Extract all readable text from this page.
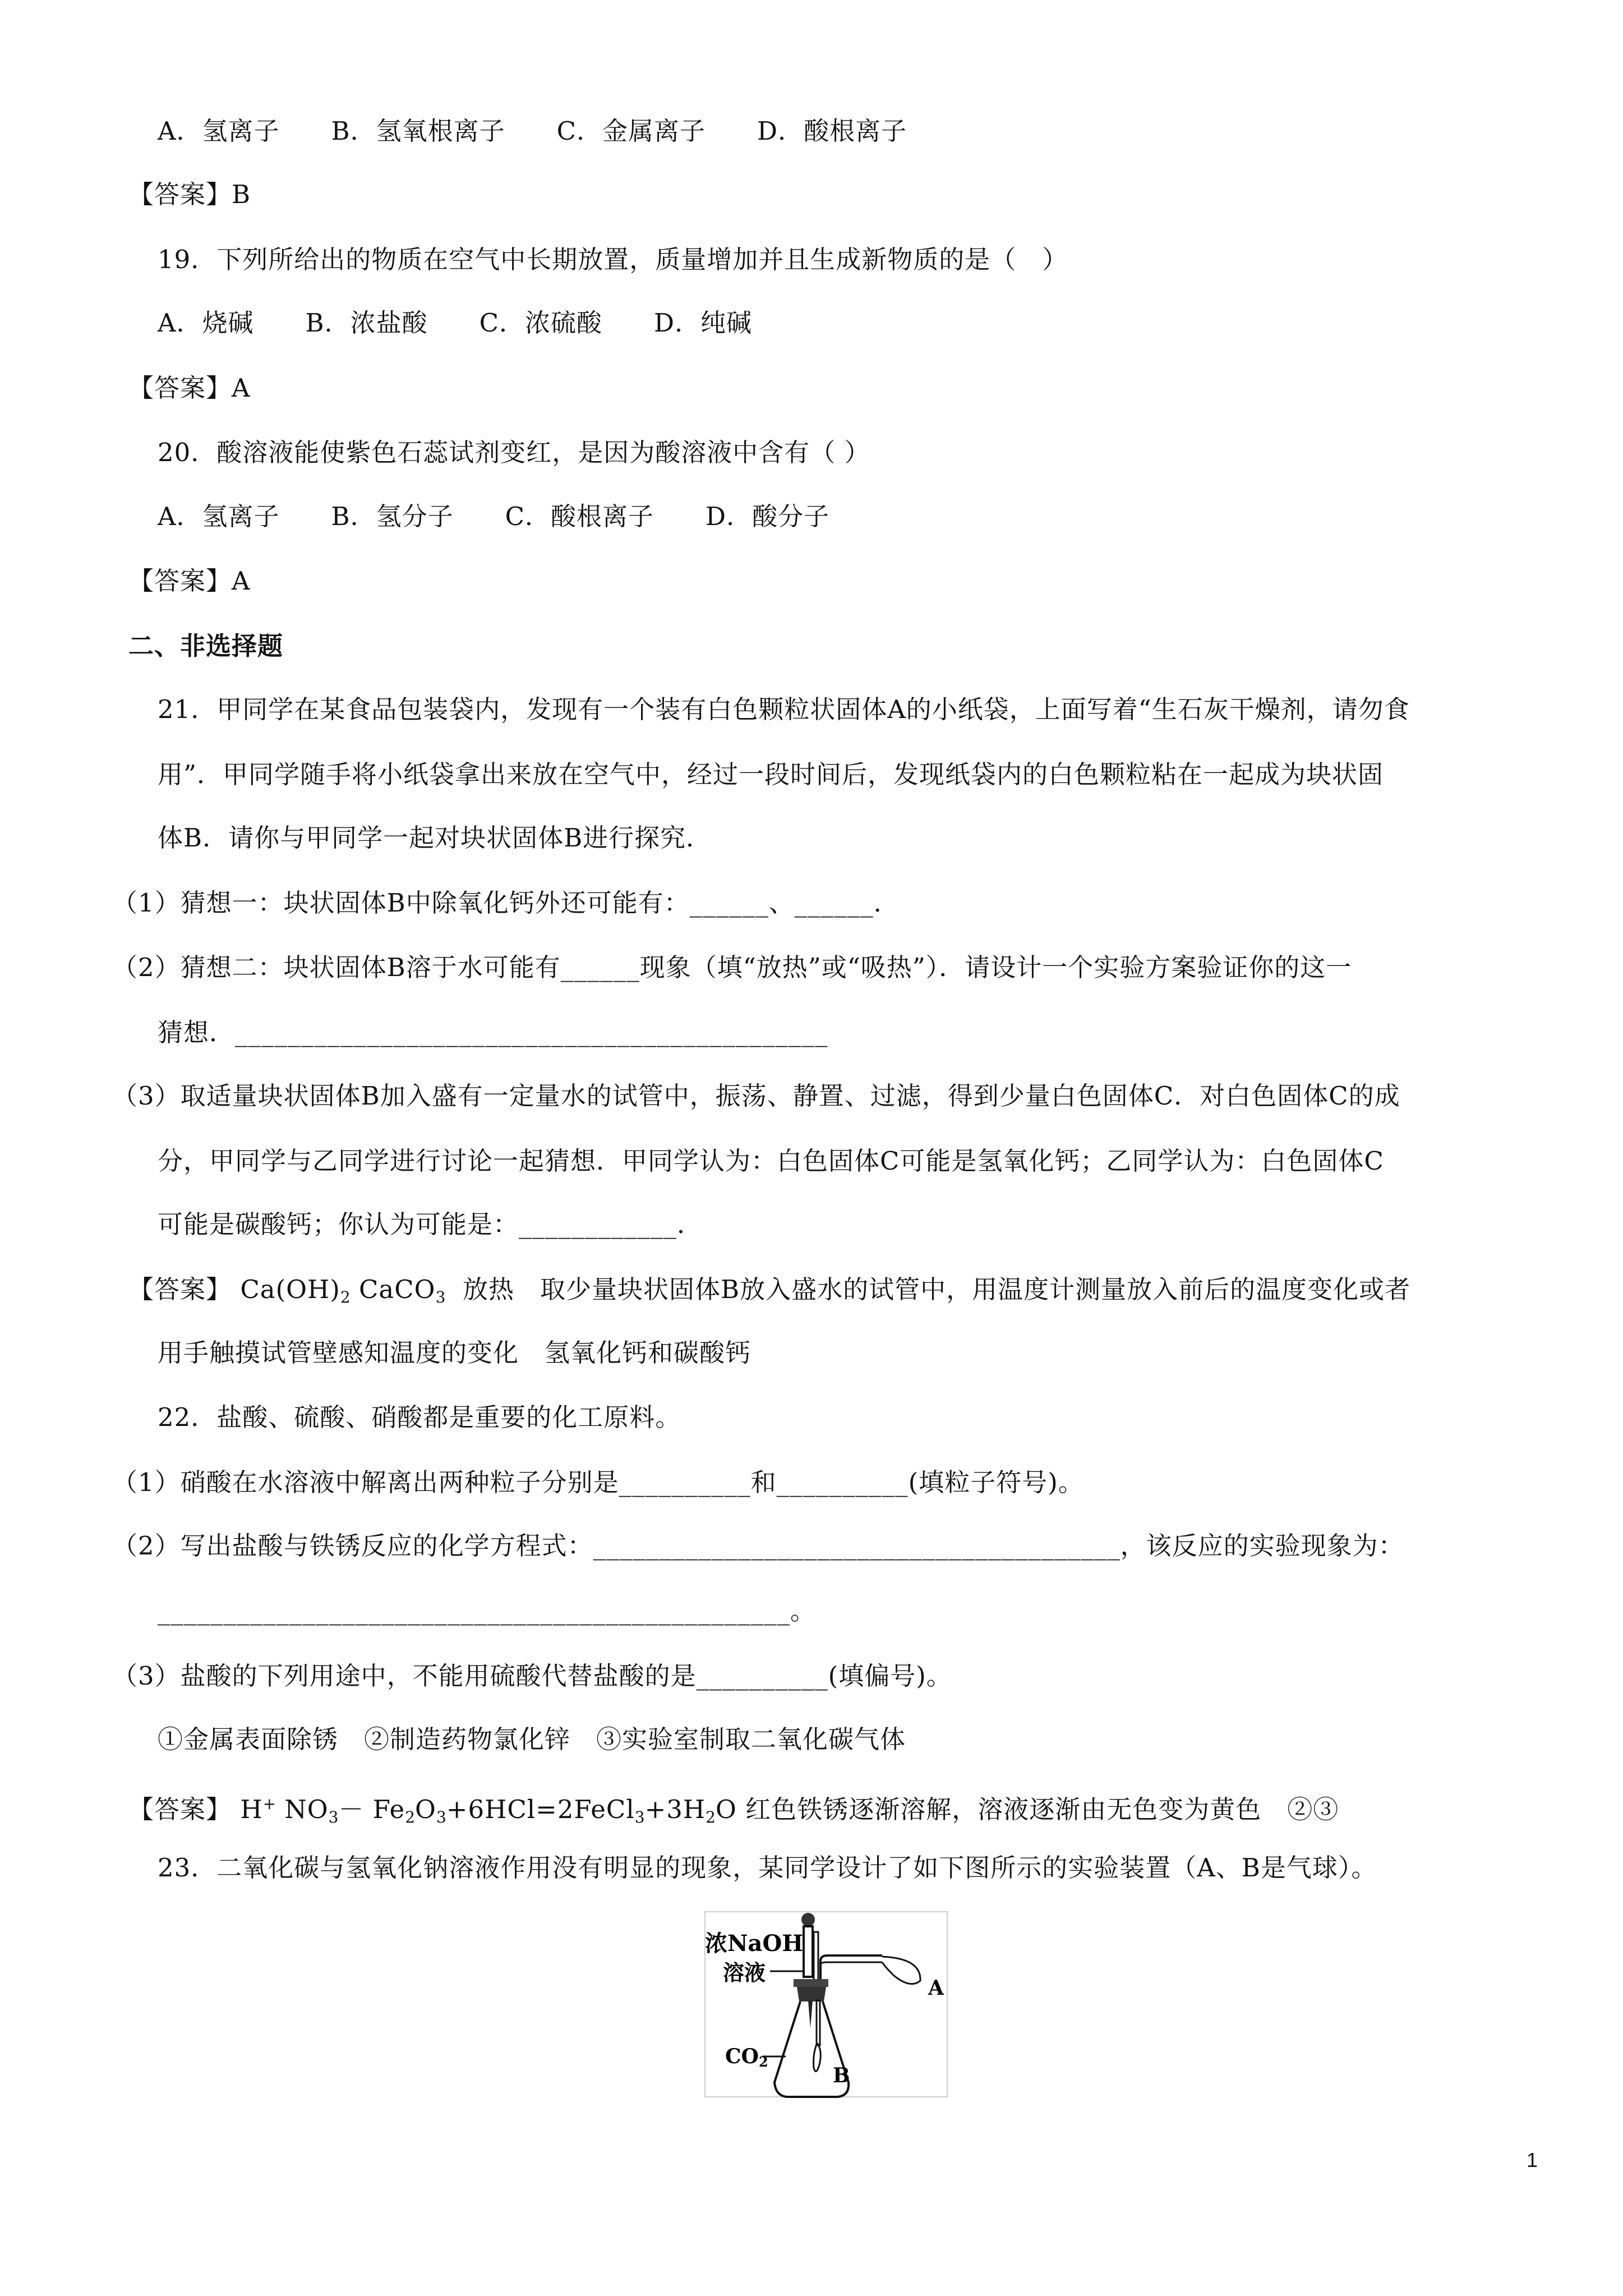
A．氢离子　　B．氢氧根离子　　C．金属离子　　D．酸根离子
【答案】B
19．下列所给出的物质在空气中长期放置，质量增加并且生成新物质的是（　）
A．烧碱　　B．浓盐酸　　C．浓硫酸　　D．纯碱
【答案】A
20．酸溶液能使紫色石蕊试剂变红，是因为酸溶液中含有（ ）
A．氢离子　　B．氢分子　　C．酸根离子　　D．酸分子
【答案】A
二、非选择题
21．甲同学在某食品包装袋内，发现有一个装有白色颗粒状固体A的小纸袋，上面写着“生石灰干燥剂，请勿食
用”．甲同学随手将小纸袋拿出来放在空气中，经过一段时间后，发现纸袋内的白色颗粒粘在一起成为块状固
体B．请你与甲同学一起对块状固体B进行探究．
（1）猜想一：块状固体B中除氧化钙外还可能有：______、______．
（2）猜想二：块状固体B溶于水可能有______现象（填“放热”或“吸热”）．请设计一个实验方案验证你的这一
猜想．_____________________________________________
（3）取适量块状固体B加入盛有一定量水的试管中，振荡、静置、过滤，得到少量白色固体C．对白色固体C的成
分，甲同学与乙同学进行讨论一起猜想．甲同学认为：白色固体C可能是氢氧化钙；乙同学认为：白色固体C
可能是碳酸钙；你认为可能是：____________．
【答案】 $Ca(OH)_2$ CaCO$_3$ 放热　取少量块状固体B放入盛水的试管中，用温度计测量放入前后的温度变化或者
用手触摸试管壁感知温度的变化　氢氧化钙和碳酸钙
22．盐酸、硫酸、硝酸都是重要的化工原料。
（1）硝酸在水溶液中解离出两种粒子分别是__________和__________(填粒子符号)。
（2）写出盐酸与铁锈反应的化学方程式：________________________________________，该反应的实验现象为：
________________________________________________。
（3）盐酸的下列用途中，不能用硫酸代替盐酸的是__________(填偏号)。
①金属表面除锈　②制造药物氯化锌　③实验室制取二氧化碳气体
【答案】 H+ $NO_3-$ $Fe_2O_3+6HCl=2FeCl_3+3H_2O$ 红色铁锈逐渐溶解，溶液逐渐由无色变为黄色　②③
23．二氧化碳与氢氧化钠溶液作用没有明显的现象，某同学设计了如下图所示的实验装置（A、B是气球）。
浓NaOH
溶液
CO2
A
B
1
